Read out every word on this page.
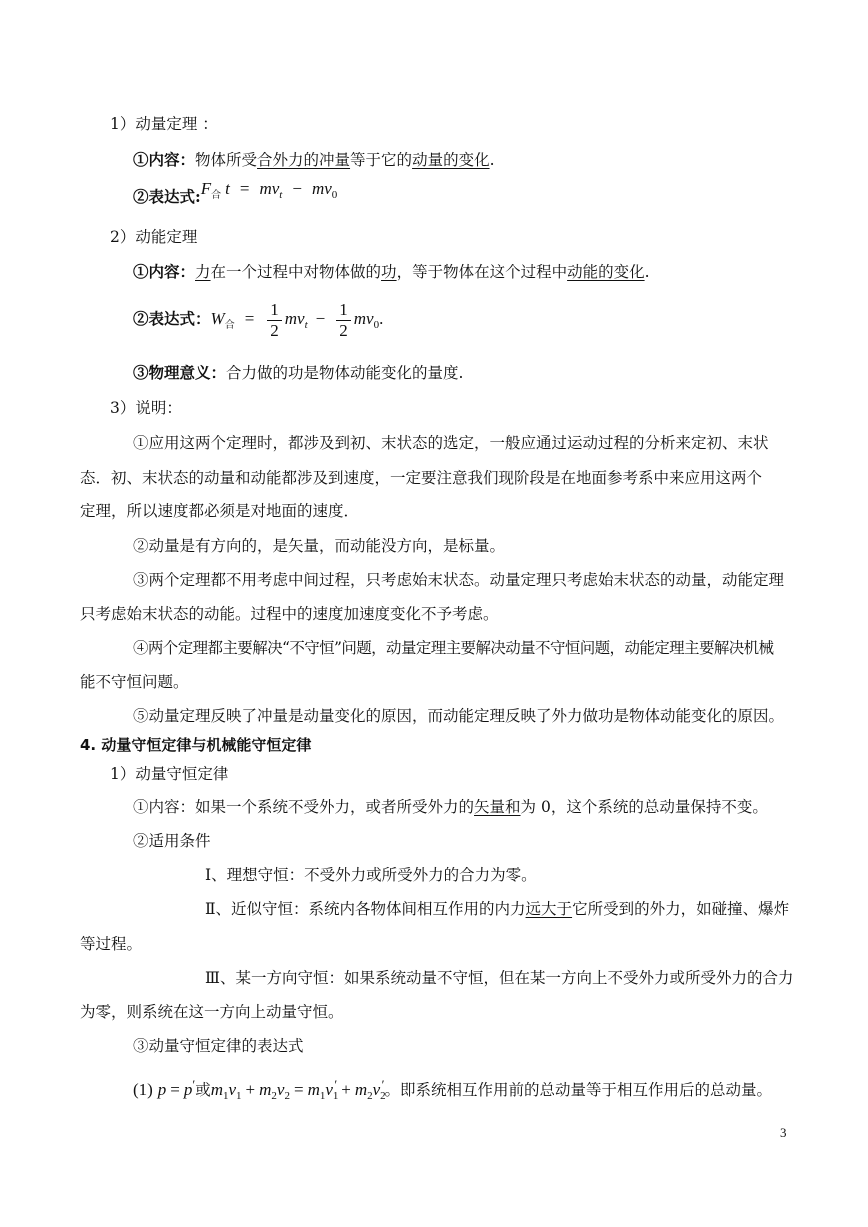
1）动量定理 ：
①内容：物体所受合外力的冲量等于它的动量的变化.
②表达式$:F_合$ $t = mv_t - mv_0$
2）动能定理
①内容：力在一个过程中对物体做的功，等于物体在这个过程中动能的变化.
②表达式：$W_合 = \frac{1}{2} mv_t - \frac{1}{2} mv_0$.
③物理意义：合力做的功是物体动能变化的量度.
3）说明：
①应用这两个定理时，都涉及到初、末状态的选定，一般应通过运动过程的分析来定初、末状
态．初、末状态的动量和动能都涉及到速度，一定要注意我们现阶段是在地面参考系中来应用这两个
定理，所以速度都必须是对地面的速度．
②动量是有方向的，是矢量，而动能没方向，是标量。
③两个定理都不用考虑中间过程，只考虑始末状态。动量定理只考虑始末状态的动量，动能定理
只考虑始末状态的动能。过程中的速度加速度变化不予考虑。
④两个定理都主要解决“不守恒”问题，动量定理主要解决动量不守恒问题，动能定理主要解决机械
能不守恒问题。
⑤动量定理反映了冲量是动量变化的原因，而动能定理反映了外力做功是物体动能变化的原因。
4. 动量守恒定律与机械能守恒定律
1）动量守恒定律
①内容：如果一个系统不受外力，或者所受外力的矢量和为 0，这个系统的总动量保持不变。
②适用条件
Ⅰ、理想守恒：不受外力或所受外力的合力为零。
Ⅱ、近似守恒：系统内各物体间相互作用的内力远大于它所受到的外力，如碰撞、爆炸
等过程。
Ⅲ、某一方向守恒：如果系统动量不守恒，但在某一方向上不受外力或所受外力的合力
为零，则系统在这一方向上动量守恒。
③动量守恒定律的表达式
(1) p = p′或$m_1v_1 + m_2v_2 = m_1v_1' + m_2v_2'$。即系统相互作用前的总动量等于相互作用后的总动量。
3
